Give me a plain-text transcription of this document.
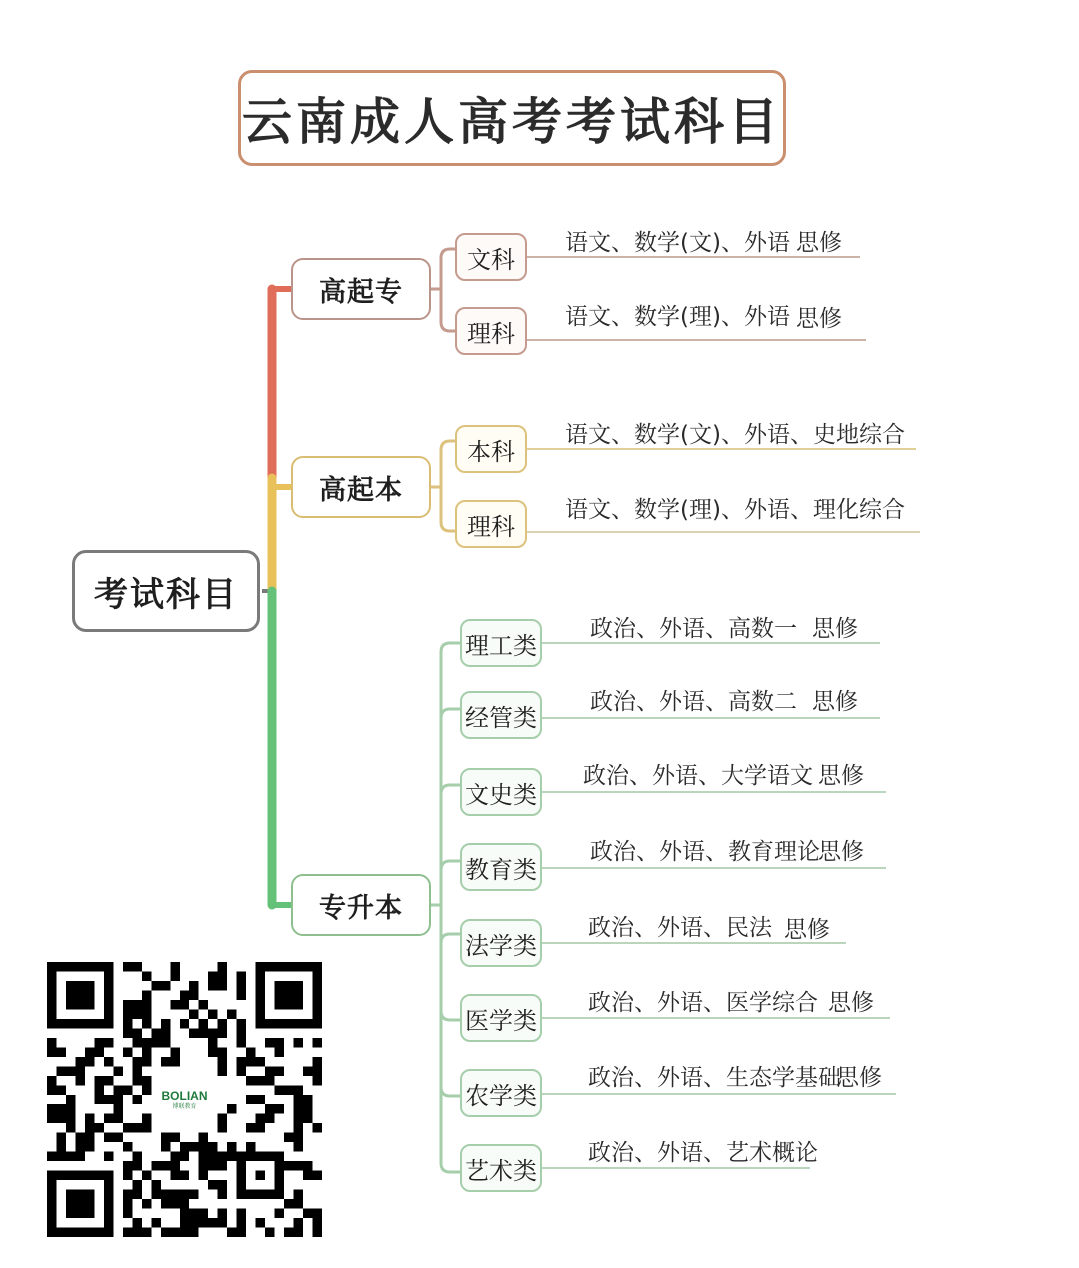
云南成人高考考试科目
考试科目
高起专
文科
语文、数学(文)、外语 思修
理科
语文、数学(理)、外语 思修
高起本
本科
语文、数学(文)、外语、史地综合
理科
语文、数学(理)、外语、理化综合
专升本
理工类
政治、外语、高数一 思修
经管类
政治、外语、高数二 思修
文史类
政治、外语、大学语文 思修
教育类
政治、外语、教育理论
思修
法学类
政治、外语、民法 思修
医学类
政治、外语、医学综合 思修
农学类
政治、外语、生态学基础
思修
艺术类
政治、外语、艺术概论
BOLIAN
博联教育
